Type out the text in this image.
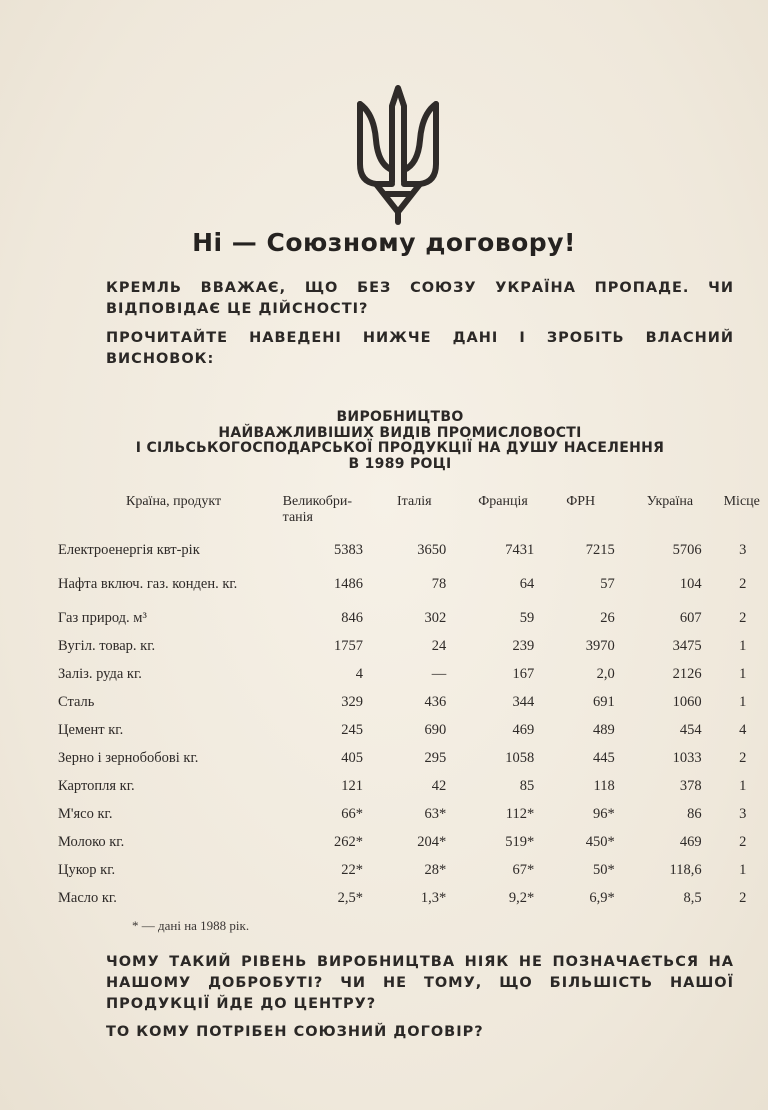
Ні — Союзному договору!
КРЕМЛЬ ВВАЖАЄ, ЩО БЕЗ СОЮЗУ УКРАЇНА ПРОПАДЕ. ЧИ ВІДПОВІДАЄ ЦЕ ДІЙСНОСТІ?
ПРОЧИТАЙТЕ НАВЕДЕНІ НИЖЧЕ ДАНІ І ЗРОБІТЬ ВЛАСНИЙ ВИСНОВОК:
ВИРОБНИЦТВО
НАЙВАЖЛИВІШИХ ВИДІВ ПРОМИСЛОВОСТІ
І СІЛЬСЬКОГОСПОДАРСЬКОЇ ПРОДУКЦІЇ НА ДУШУ НАСЕЛЕННЯ
В 1989 РОЦІ
Країна, продукт	Великобри- танія	Італія	Франція	ФРН	Україна	Місце
Електроенергія квт-рік	5383	3650	7431	7215	5706	3
Нафта включ. газ. конден. кг.	1486	78	64	57	104	2
Газ природ. м³	846	302	59	26	607	2
Вугіл. товар. кг.	1757	24	239	3970	3475	1
Заліз. руда кг.	4	—	167	2,0	2126	1
Сталь	329	436	344	691	1060	1
Цемент кг.	245	690	469	489	454	4
Зерно і зернобобові кг.	405	295	1058	445	1033	2
Картопля кг.	121	42	85	118	378	1
М'ясо кг.	66*	63*	112*	96*	86	3
Молоко кг.	262*	204*	519*	450*	469	2
Цукор кг.	22*	28*	67*	50*	118,6	1
Масло кг.	2,5*	1,3*	9,2*	6,9*	8,5	2
* — дані на 1988 рік.
ЧОМУ ТАКИЙ РІВЕНЬ ВИРОБНИЦТВА НІЯК НЕ ПОЗНАЧАЄТЬСЯ НА НАШОМУ ДОБРОБУТІ? ЧИ НЕ ТОМУ, ЩО БІЛЬШІСТЬ НАШОЇ ПРОДУКЦІЇ ЙДЕ ДО ЦЕНТРУ?
ТО КОМУ ПОТРІБЕН СОЮЗНИЙ ДОГОВІР?
